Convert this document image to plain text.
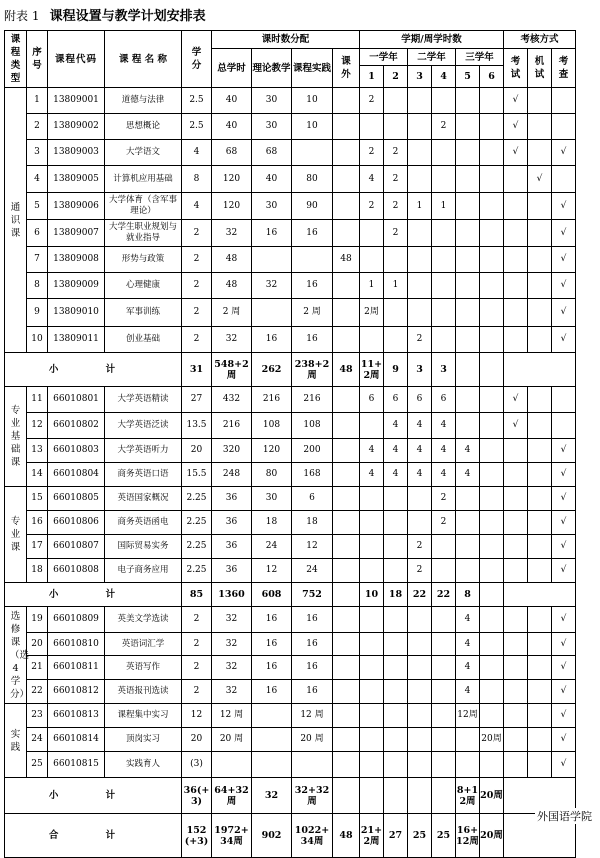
附表 1 课程设置与教学计划安排表
课程类型	序号	课程代码	课 程 名 称	学分	课时数分配				学期/周学时数						考核方式		
					总学时	理论教学	课程实践	课外	一学年		二学年		三学年		考试	机试	考查
									1	2	3	4	5	6			
通识课	1	13809001	道德与法律	2.5	40	30	10		2						√		
	2	13809002	思想概论	2.5	40	30	10					2			√		
	3	13809003	大学语文	4	68	68			2	2					√		√
	4	13809005	计算机应用基础	8	120	40	80		4	2						√	
	5	13809006	大学体育（含军事理论）	4	120	30	90		2	2	1	1					√
	6	13809007	大学生职业规划与就业指导	2	32	16	16			2							√
	7	13809008	形势与政策	2	48			48									√
	8	13809009	心理健康	2	48	32	16		1	1							√
	9	13809010	军事训练	2	2 周		2 周		2周								√
	10	13809011	创业基础	2	32	16	16				2						√
小 计				31	548+2 周	262	238+2 周	48	11+2周	9	3	3					
专业基础课	11	66010801	大学英语精读	27	432	216	216		6	6	6	6			√		
	12	66010802	大学英语泛读	13.5	216	108	108			4	4	4			√		
	13	66010803	大学英语听力	20	320	120	200		4	4	4	4	4				√
	14	66010804	商务英语口语	15.5	248	80	168		4	4	4	4	4				√
专业课	15	66010805	英语国家概况	2.25	36	30	6					2					√
	16	66010806	商务英语函电	2.25	36	18	18					2					√
	17	66010807	国际贸易实务	2.25	36	24	12				2						√
	18	66010808	电子商务应用	2.25	36	12	24				2						√
小 计				85	1360	608	752		10	18	22	22	8				
选修课（选4学分）	19	66010809	英美文学选读	2	32	16	16						4				√
	20	66010810	英语词汇学	2	32	16	16						4				√
	21	66010811	英语写作	2	32	16	16						4				√
	22	66010812	英语报刊选读	2	32	16	16						4				√
实践	23	66010813	课程集中实习	12	12 周		12 周						12周				√
	24	66010814	顶岗实习	20	20 周		20 周							20周			√
	25	66010815	实践育人	(3)													√
小 计				36(+3)	64+32周	32	32+32周						8+12周	20周			
合 计				152(+3)	1972+34周	902	1022+34周	48	21+2周	27	25	25	16+12周	20周			
外国语学院
